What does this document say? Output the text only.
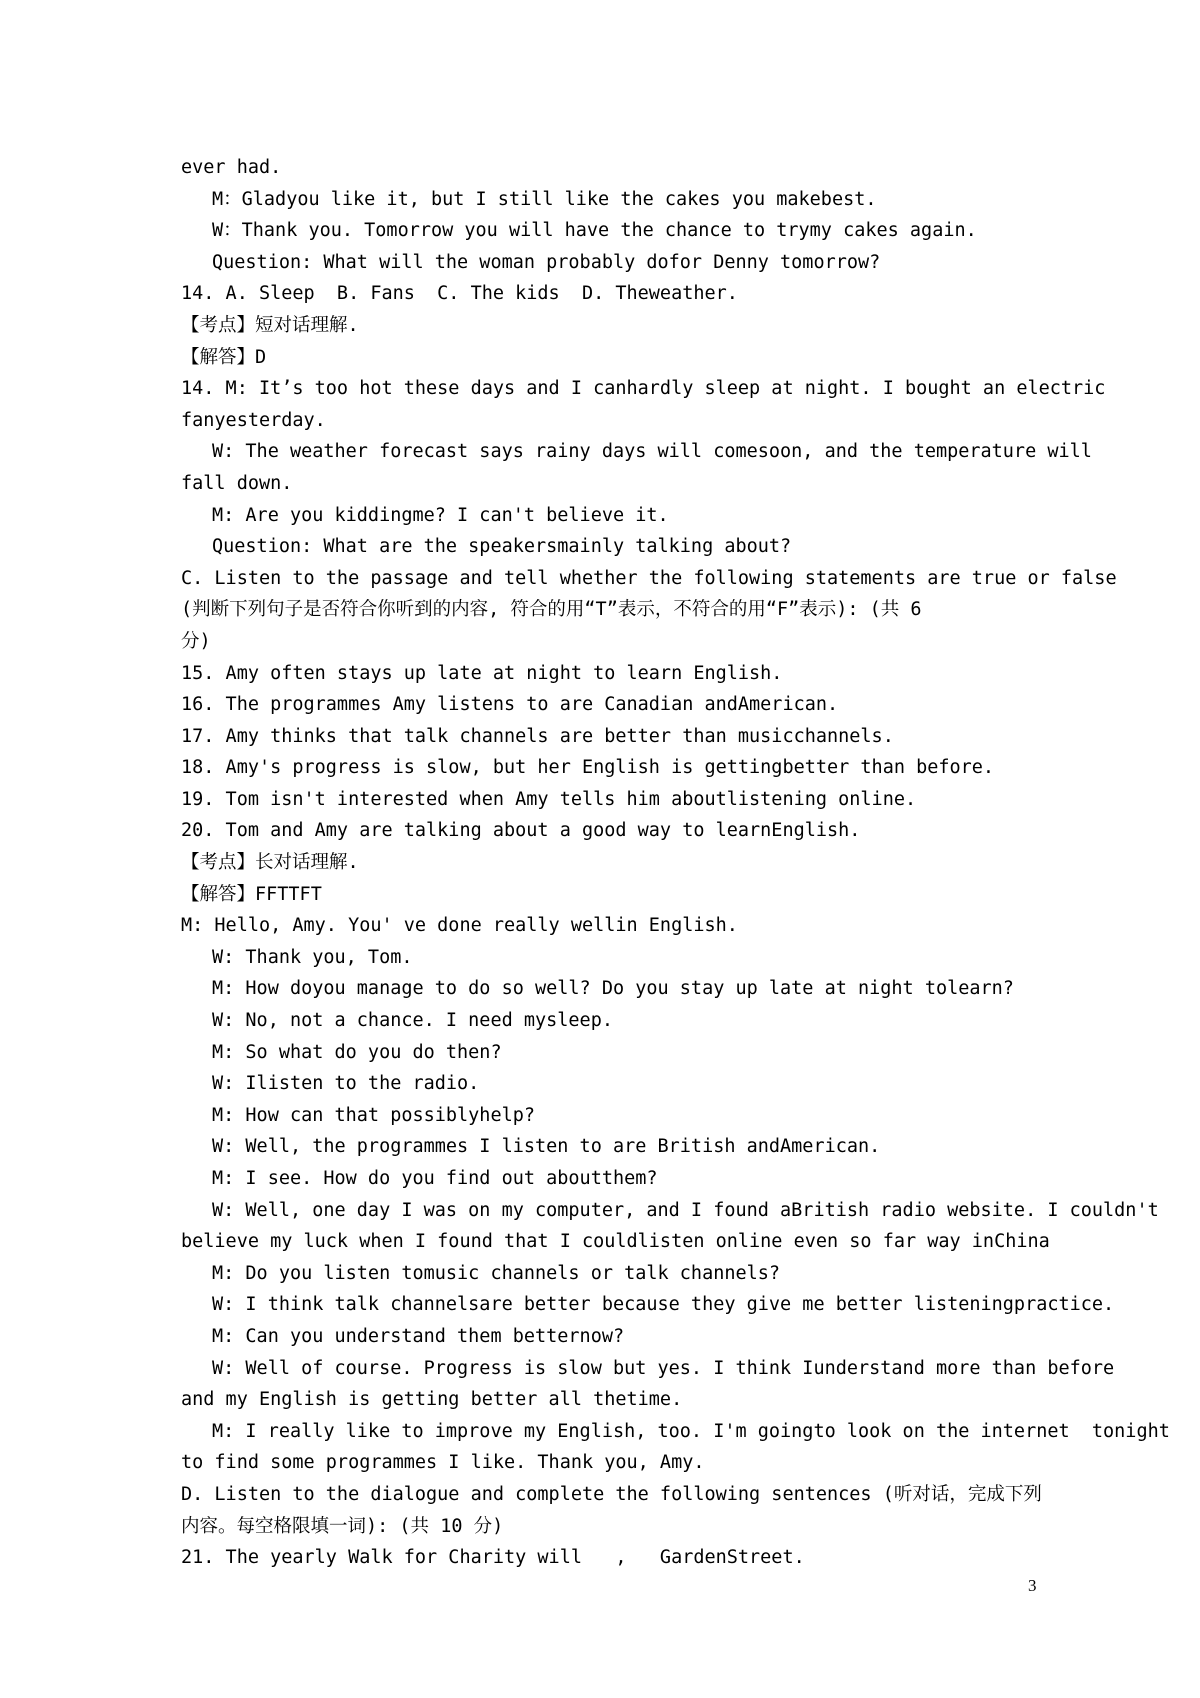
ever had.
M：Gladyou like it, but I still like the cakes you makebest.
W：Thank you. Tomorrow you will have the chance to trymy cakes again.
Question: What will the woman probably dofor Denny tomorrow?
14. A. Sleep  B. Fans  C. The kids  D. Theweather.
【考点】短对话理解.
【解答】D
14. M: It’s too hot these days and I canhardly sleep at night. I bought an electric
fanyesterday.
W: The weather forecast says rainy days will comesoon, and the temperature will
fall down.
M: Are you kiddingme? I can't believe it.
Question: What are the speakersmainly talking about?
C. Listen to the passage and tell whether the following statements are true or false
(判断下列句子是否符合你听到的内容, 符合的用“T”表示，不符合的用“F”表示): (共 6
分)
15. Amy often stays up late at night to learn English.
16. The programmes Amy listens to are Canadian andAmerican.
17. Amy thinks that talk channels are better than musicchannels.
18. Amy's progress is slow, but her English is gettingbetter than before.
19. Tom isn't interested when Amy tells him aboutlistening online.
20. Tom and Amy are talking about a good way to learnEnglish.
【考点】长对话理解.
【解答】FFTTFT
M: Hello, Amy. You' ve done really wellin English.
W: Thank you, Tom.
M: How doyou manage to do so well? Do you stay up late at night tolearn?
W: No, not a chance. I need mysleep.
M: So what do you do then?
W: Ilisten to the radio.
M: How can that possiblyhelp?
W: Well, the programmes I listen to are British andAmerican.
M: I see. How do you find out aboutthem?
W: Well, one day I was on my computer, and I found aBritish radio website. I couldn't
believe my luck when I found that I couldlisten online even so far way inChina
M: Do you listen tomusic channels or talk channels?
W: I think talk channelsare better because they give me better listeningpractice.
M: Can you understand them betternow?
W: Well of course. Progress is slow but yes. I think Iunderstand more than before
and my English is getting better all thetime.
M: I really like to improve my English, too. I'm goingto look on the internet  tonight
to find some programmes I like. Thank you, Amy.
D. Listen to the dialogue and complete the following sentences (听对话，完成下列
内容。每空格限填一词): (共 10 分)
21. The yearly Walk for Charity will   ,   GardenStreet.
3
